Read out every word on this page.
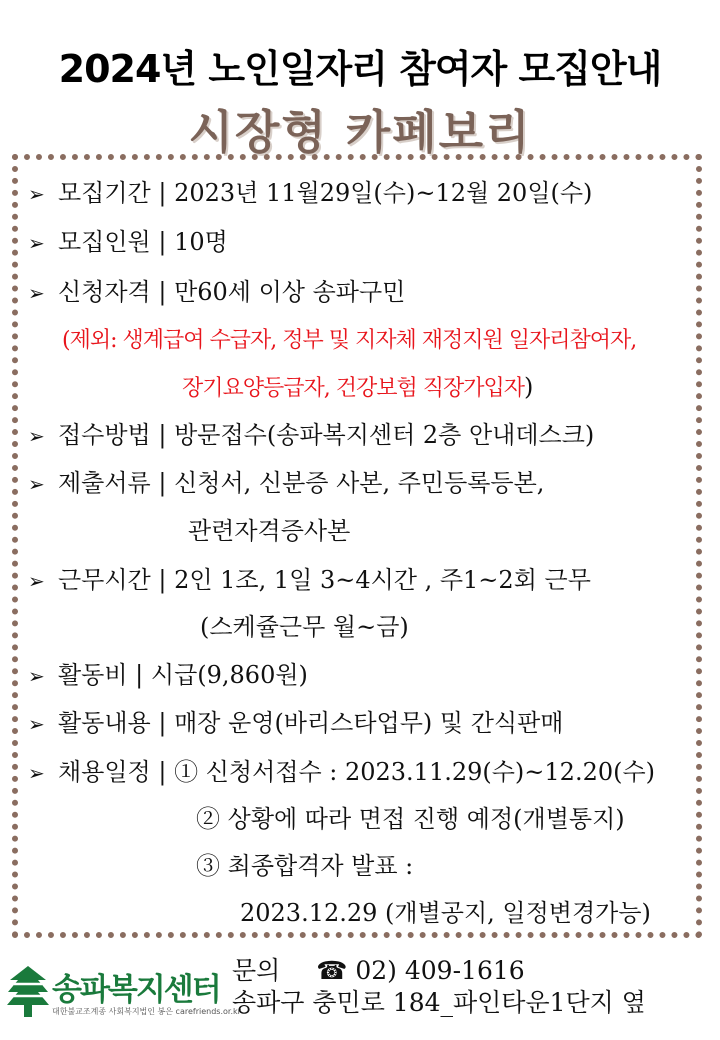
2024년 노인일자리 참여자 모집안내
시장형 카페보리
➢ 모집기간 | 2023년 11월29일(수)~12월 20일(수)
➢ 모집인원 | 10명
➢ 신청자격 | 만60세 이상 송파구민
(제외: 생계급여 수급자, 정부 및 지자체 재정지원 일자리참여자,
장기요양등급자, 건강보험 직장가입자)
➢ 접수방법 | 방문접수(송파복지센터 2층 안내데스크)
➢ 제출서류 | 신청서, 신분증 사본, 주민등록등본,
관련자격증사본
➢ 근무시간 | 2인 1조, 1일 3~4시간 , 주1~2회 근무
(스케쥴근무 월~금)
➢ 활동비 | 시급(9,860원)
➢ 활동내용 | 매장 운영(바리스타업무) 및 간식판매
➢ 채용일정 | ① 신청서접수 : 2023.11.29(수)~12.20(수)
② 상황에 따라 면접 진행 예정(개별통지)
③ 최종합격자 발표 :
2023.12.29 (개별공지, 일정변경가능)
송파복지센터
대한불교조계종 사회복지법인 봉은 carefriends.or.kr
문의 ☎ 02) 409-1616
송파구 충민로 184_파인타운1단지 옆
